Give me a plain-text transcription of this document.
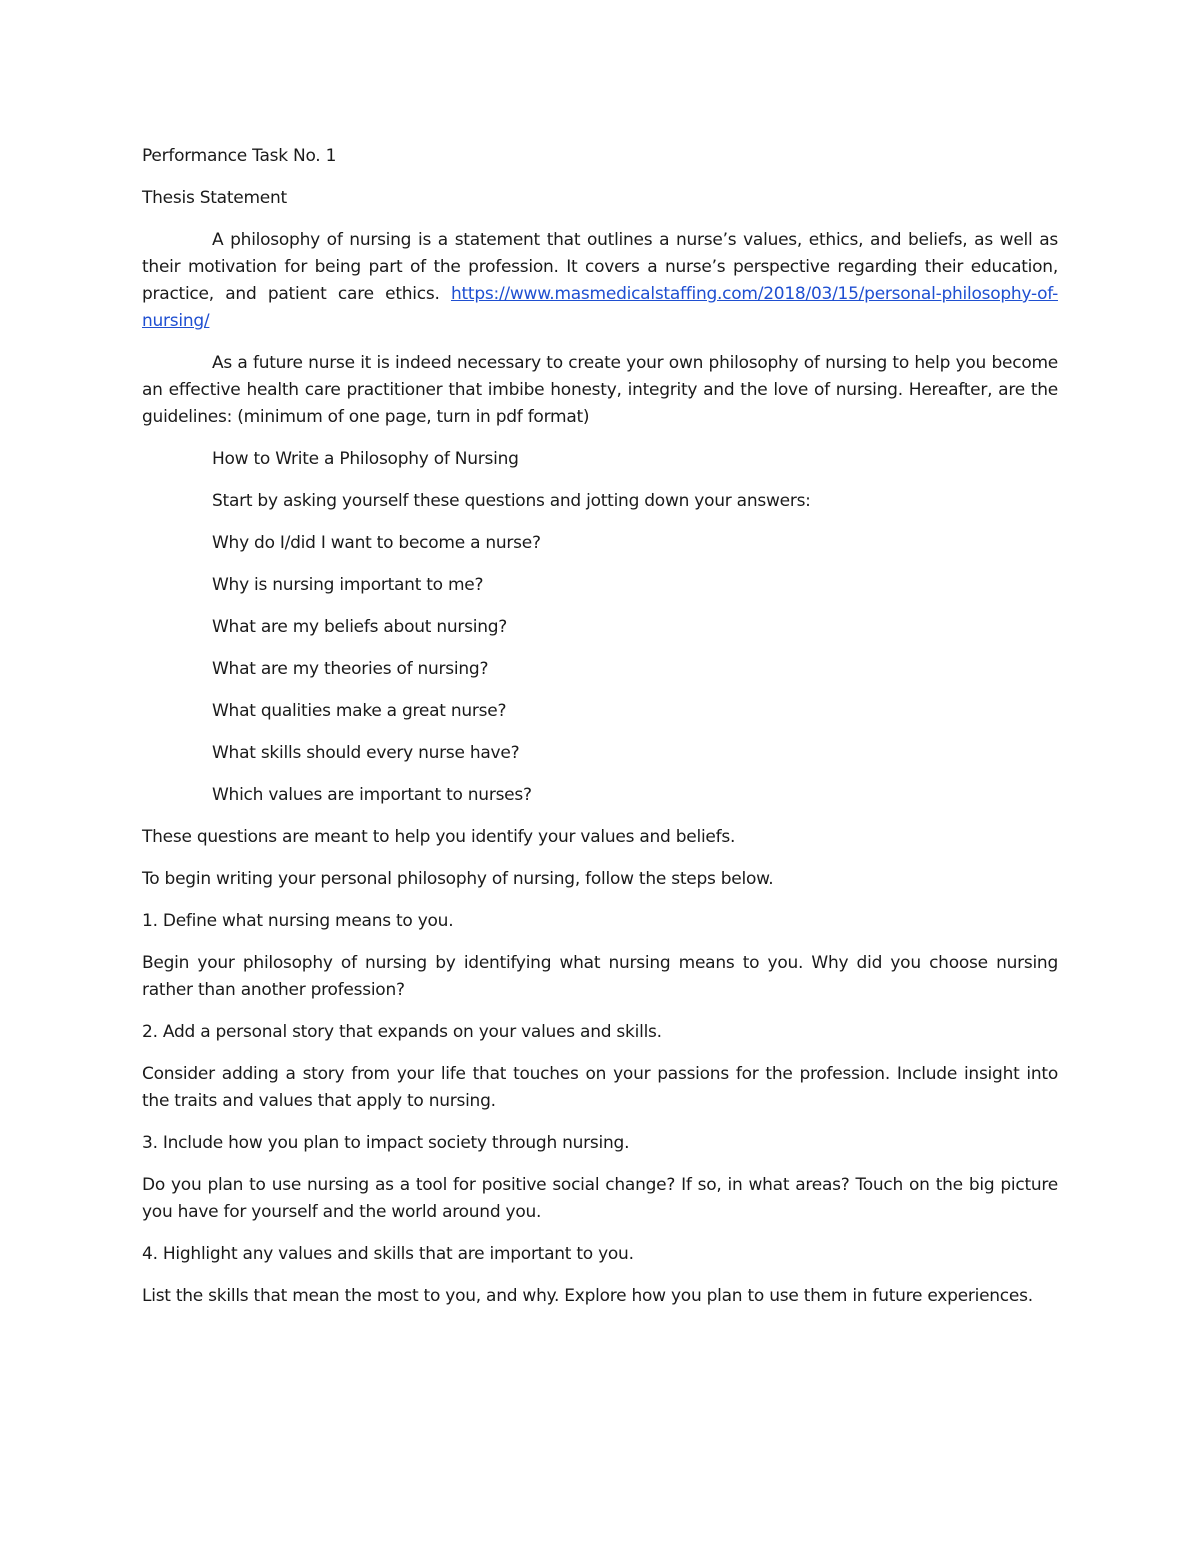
Performance Task No. 1

Thesis Statement

A philosophy of nursing is a statement that outlines a nurse’s values, ethics, and beliefs, as well as their motivation for being part of the profession. It covers a nurse’s perspective regarding their education, practice, and patient care ethics. https://www.masmedicalstaffing.com/2018/03/15/personal-philosophy-of-nursing/

As a future nurse it is indeed necessary to create your own philosophy of nursing to help you become an effective health care practitioner that imbibe honesty, integrity and the love of nursing. Hereafter, are the guidelines: (minimum of one page, turn in pdf format)

How to Write a Philosophy of Nursing

Start by asking yourself these questions and jotting down your answers:

Why do I/did I want to become a nurse?

Why is nursing important to me?

What are my beliefs about nursing?

What are my theories of nursing?

What qualities make a great nurse?

What skills should every nurse have?

Which values are important to nurses?

These questions are meant to help you identify your values and beliefs.

To begin writing your personal philosophy of nursing, follow the steps below.

1. Define what nursing means to you.

Begin your philosophy of nursing by identifying what nursing means to you. Why did you choose nursing rather than another profession?

2. Add a personal story that expands on your values and skills.

Consider adding a story from your life that touches on your passions for the profession. Include insight into the traits and values that apply to nursing.

3. Include how you plan to impact society through nursing.

Do you plan to use nursing as a tool for positive social change? If so, in what areas? Touch on the big picture you have for yourself and the world around you.

4. Highlight any values and skills that are important to you.

List the skills that mean the most to you, and why. Explore how you plan to use them in future experiences.
